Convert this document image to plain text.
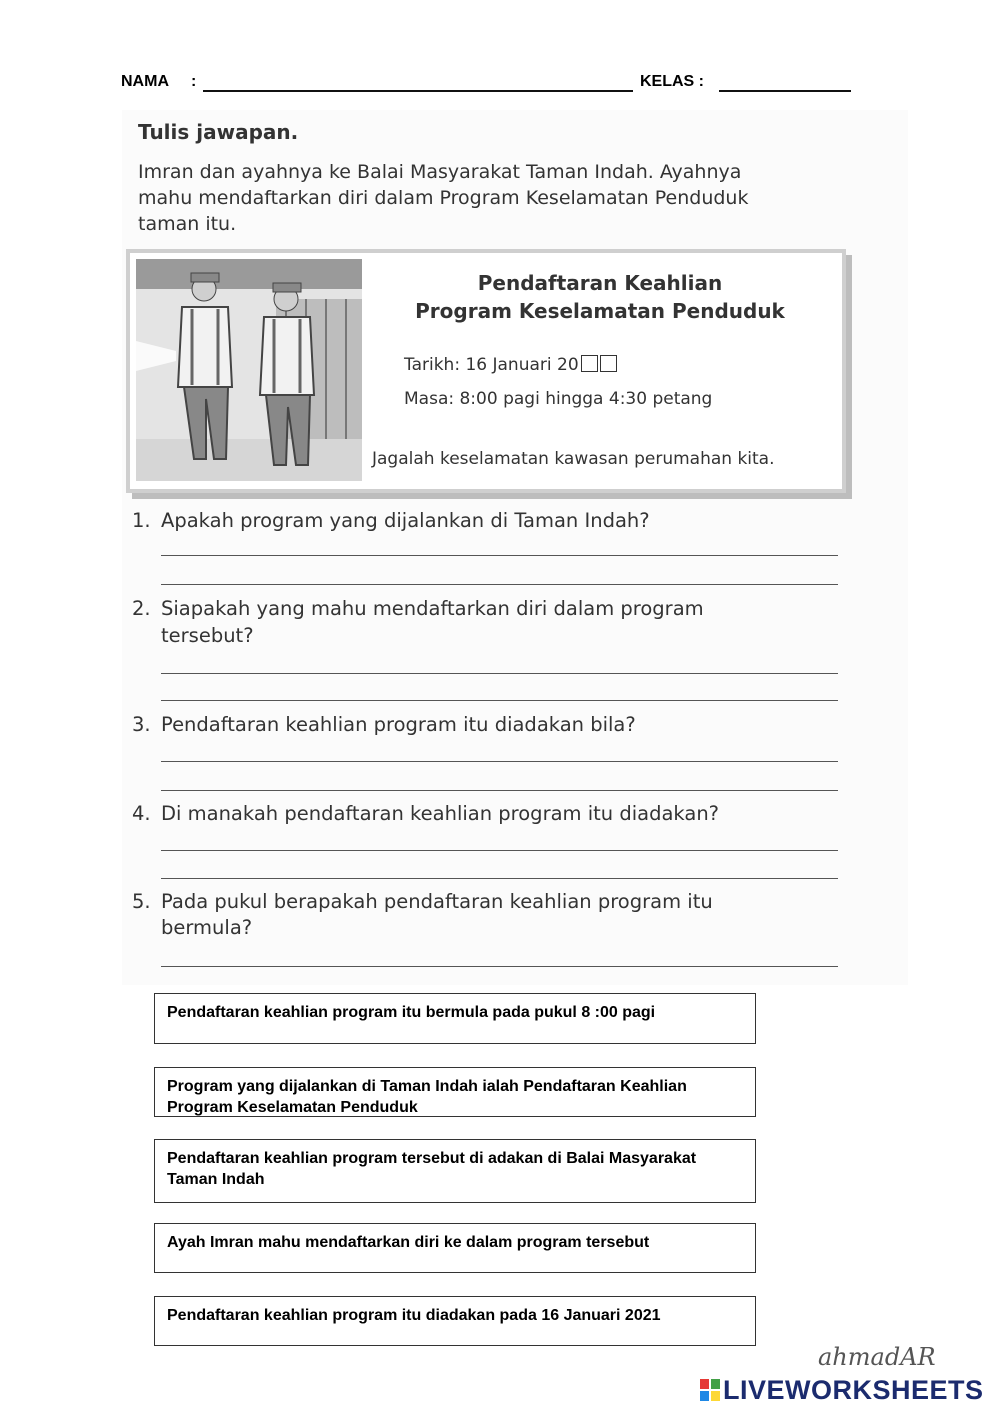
NAMA :	KELAS :
Tulis jawapan.
Imran dan ayahnya ke Balai Masyarakat Taman Indah. Ayahnya
mahu mendaftarkan diri dalam Program Keselamatan Penduduk
taman itu.
Pendaftaran Keahlian
Program Keselamatan Penduduk
Tarikh: 16 Januari 20
Masa: 8:00 pagi hingga 4:30 petang
Jagalah keselamatan kawasan perumahan kita.
1. Apakah program yang dijalankan di Taman Indah?
2. Siapakah yang mahu mendaftarkan diri dalam program
tersebut?
3. Pendaftaran keahlian program itu diadakan bila?
4. Di manakah pendaftaran keahlian program itu diadakan?
5. Pada pukul berapakah pendaftaran keahlian program itu
bermula?
Pendaftaran keahlian program itu bermula pada pukul 8 :00 pagi
Program yang dijalankan di Taman Indah ialah Pendaftaran Keahlian Program Keselamatan Penduduk
Pendaftaran keahlian program tersebut di adakan di Balai Masyarakat Taman Indah
Ayah Imran mahu mendaftarkan diri ke dalam program tersebut
Pendaftaran keahlian program itu diadakan pada 16 Januari 2021
ahmadAR
LIVEWORKSHEETS
